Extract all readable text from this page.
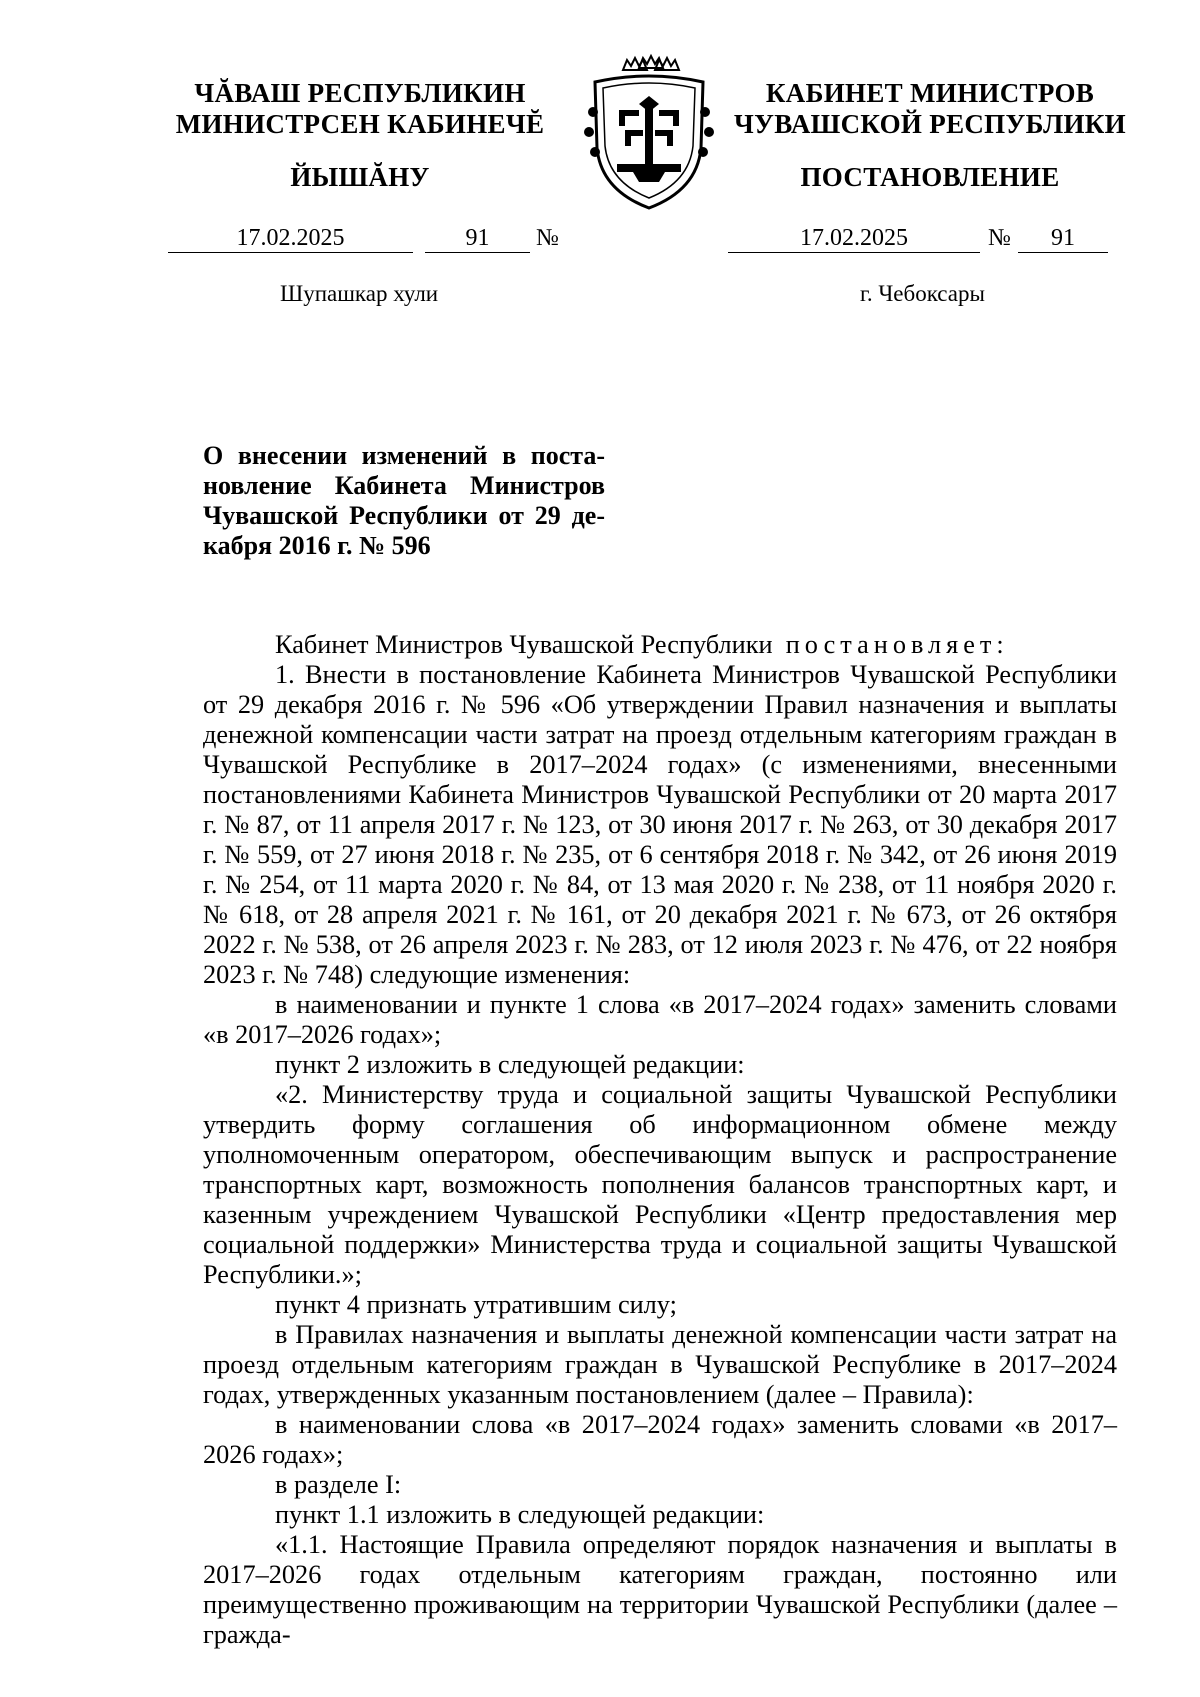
ЧĂВАШ РЕСПУБЛИКИН
МИНИСТРСЕН КАБИНЕЧĔ
ЙЫШĂНУ
КАБИНЕТ МИНИСТРОВ
ЧУВАШСКОЙ РЕСПУБЛИКИ
ПОСТАНОВЛЕНИЕ
17.02.2025	91	№	17.02.2025	№	91
Шупашкар хули	г. Чебоксары
О внесении изменений в поста-
новление Кабинета Министров
Чувашской Республики от 29 де-
кабря 2016 г. № 596

Кабинет Министров Чувашской Республики постановляет:

1. Внести в постановление Кабинета Министров Чувашской Республики от 29 декабря 2016 г. № 596 «Об утверждении Правил назначения и выплаты денежной компенсации части затрат на проезд отдельным категориям граждан в Чувашской Республике в 2017–2024 годах» (с изменениями, внесенными постановлениями Кабинета Министров Чувашской Республики от 20 марта 2017 г. № 87, от 11 апреля 2017 г. № 123, от 30 июня 2017 г. № 263, от 30 декабря 2017 г. № 559, от 27 июня 2018 г. № 235, от 6 сентября 2018 г. № 342, от 26 июня 2019 г. № 254, от 11 марта 2020 г. № 84, от 13 мая 2020 г. № 238, от 11 ноября 2020 г. № 618, от 28 апреля 2021 г. № 161, от 20 декабря 2021 г. № 673, от 26 октября 2022 г. № 538, от 26 апреля 2023 г. № 283, от 12 июля 2023 г. № 476, от 22 ноября 2023 г. № 748) следующие изменения:

в наименовании и пункте 1 слова «в 2017–2024 годах» заменить словами «в 2017–2026 годах»;

пункт 2 изложить в следующей редакции:

«2. Министерству труда и социальной защиты Чувашской Республики утвердить форму соглашения об информационном обмене между уполномоченным оператором, обеспечивающим выпуск и распространение транспортных карт, возможность пополнения балансов транспортных карт, и казенным учреждением Чувашской Республики «Центр предоставления мер социальной поддержки» Министерства труда и социальной защиты Чувашской Республики.»;

пункт 4 признать утратившим силу;

в Правилах назначения и выплаты денежной компенсации части затрат на проезд отдельным категориям граждан в Чувашской Республике в 2017–2024 годах, утвержденных указанным постановлением (далее – Правила):

в наименовании слова «в 2017–2024 годах» заменить словами «в 2017–2026 годах»;

в разделе I:

пункт 1.1 изложить в следующей редакции:

«1.1. Настоящие Правила определяют порядок назначения и выплаты в 2017–2026 годах отдельным категориям граждан, постоянно или преимущественно проживающим на территории Чувашской Республики (далее – гражда-
